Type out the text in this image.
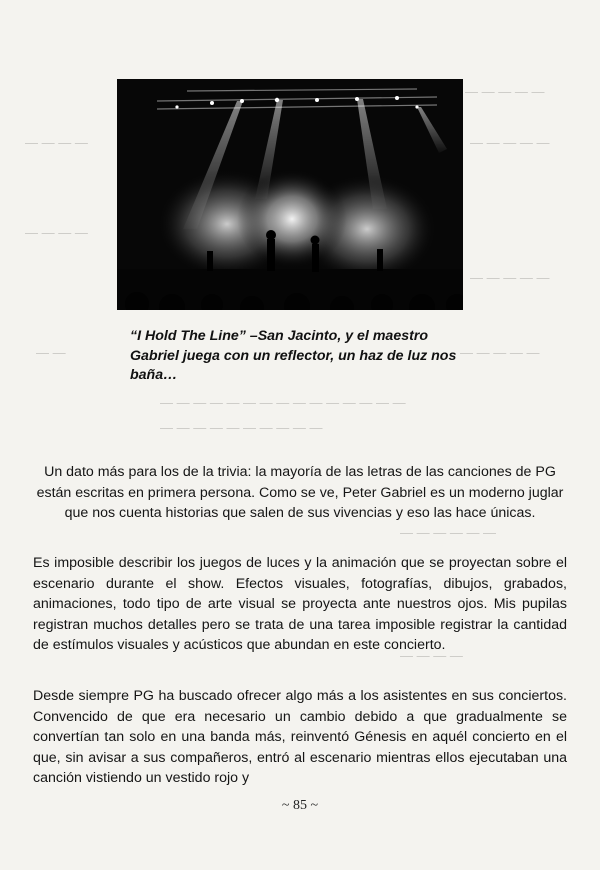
— — — — —
— — — —	— — — — —
— — — —
— — — — —
— —	— — — — —
— — — — — — — — — — — — — — —
— — — — — — — — — —
— — — — — —
— — — —
“I Hold The Line” –San Jacinto, y el maestro Gabriel juega con un reflector, un haz de luz nos baña…
Un dato más para los de la trivia: la mayoría de las letras de las canciones de PG están escritas en primera persona. Como se ve, Peter Gabriel es un moderno juglar que nos cuenta historias que salen de sus vivencias y eso las hace únicas.
Es imposible describir los juegos de luces y la animación que se proyectan sobre el escenario durante el show. Efectos visuales, fotografías, dibujos, grabados, animaciones, todo tipo de arte visual se proyecta ante nuestros ojos. Mis pupilas registran muchos detalles pero se trata de una tarea imposible registrar la cantidad de estímulos visuales y acústicos que abundan en este concierto.
Desde siempre PG ha buscado ofrecer algo más a los asistentes en sus conciertos. Convencido de que era necesario un cambio debido a que gradualmente se convertían tan solo en una banda más, reinventó Génesis en aquél concierto en el que, sin avisar a sus compañeros, entró al escenario mientras ellos ejecutaban una canción vistiendo un vestido rojo y
~ 85 ~
